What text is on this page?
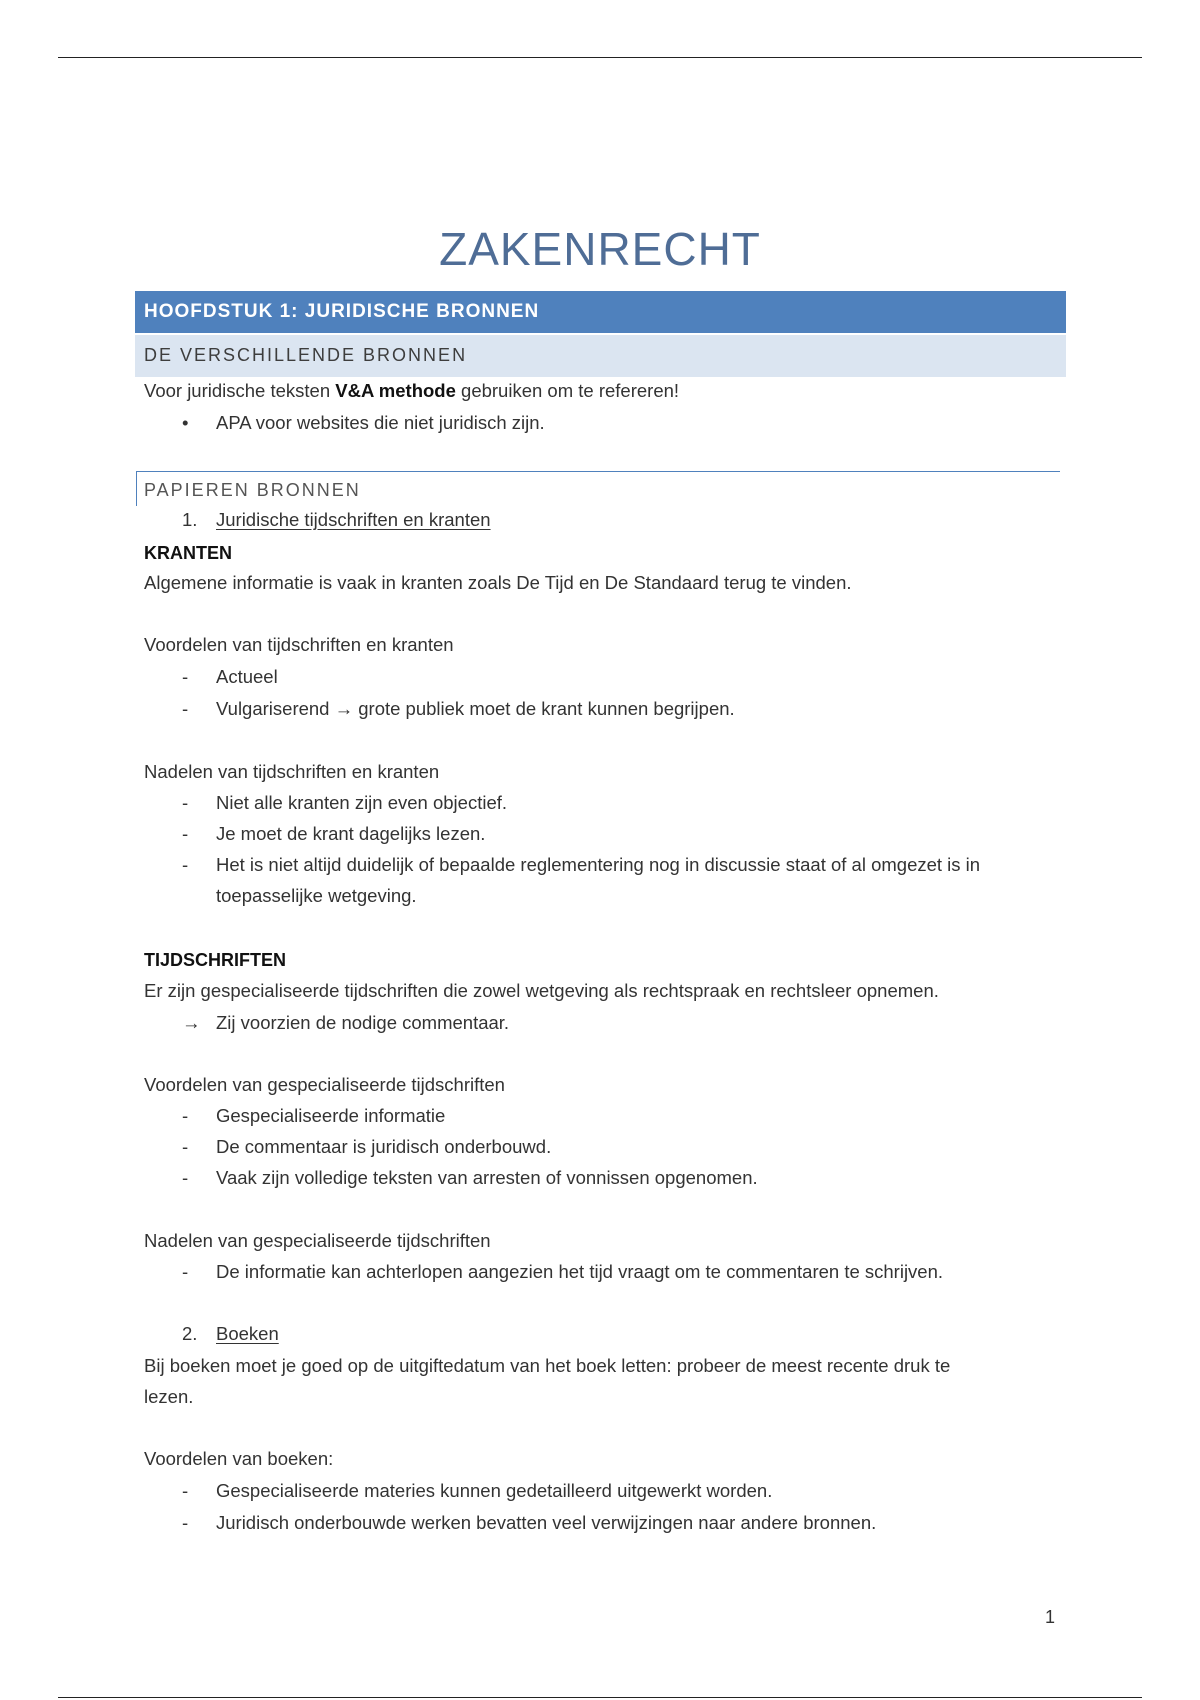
ZAKENRECHT
HOOFDSTUK 1: JURIDISCHE BRONNEN
DE VERSCHILLENDE BRONNEN
Voor juridische teksten V&A methode gebruiken om te refereren!
• APA voor websites die niet juridisch zijn.
PAPIEREN BRONNEN
1. Juridische tijdschriften en kranten
KRANTEN
Algemene informatie is vaak in kranten zoals De Tijd en De Standaard terug te vinden.
Voordelen van tijdschriften en kranten
- Actueel
- Vulgariserend → grote publiek moet de krant kunnen begrijpen.
Nadelen van tijdschriften en kranten
- Niet alle kranten zijn even objectief.
- Je moet de krant dagelijks lezen.
- Het is niet altijd duidelijk of bepaalde reglementering nog in discussie staat of al omgezet is in
toepasselijke wetgeving.
TIJDSCHRIFTEN
Er zijn gespecialiseerde tijdschriften die zowel wetgeving als rechtspraak en rechtsleer opnemen.
→ Zij voorzien de nodige commentaar.
Voordelen van gespecialiseerde tijdschriften
- Gespecialiseerde informatie
- De commentaar is juridisch onderbouwd.
- Vaak zijn volledige teksten van arresten of vonnissen opgenomen.
Nadelen van gespecialiseerde tijdschriften
- De informatie kan achterlopen aangezien het tijd vraagt om te commentaren te schrijven.
2. Boeken
Bij boeken moet je goed op de uitgiftedatum van het boek letten: probeer de meest recente druk te
lezen.
Voordelen van boeken:
- Gespecialiseerde materies kunnen gedetailleerd uitgewerkt worden.
- Juridisch onderbouwde werken bevatten veel verwijzingen naar andere bronnen.
1
